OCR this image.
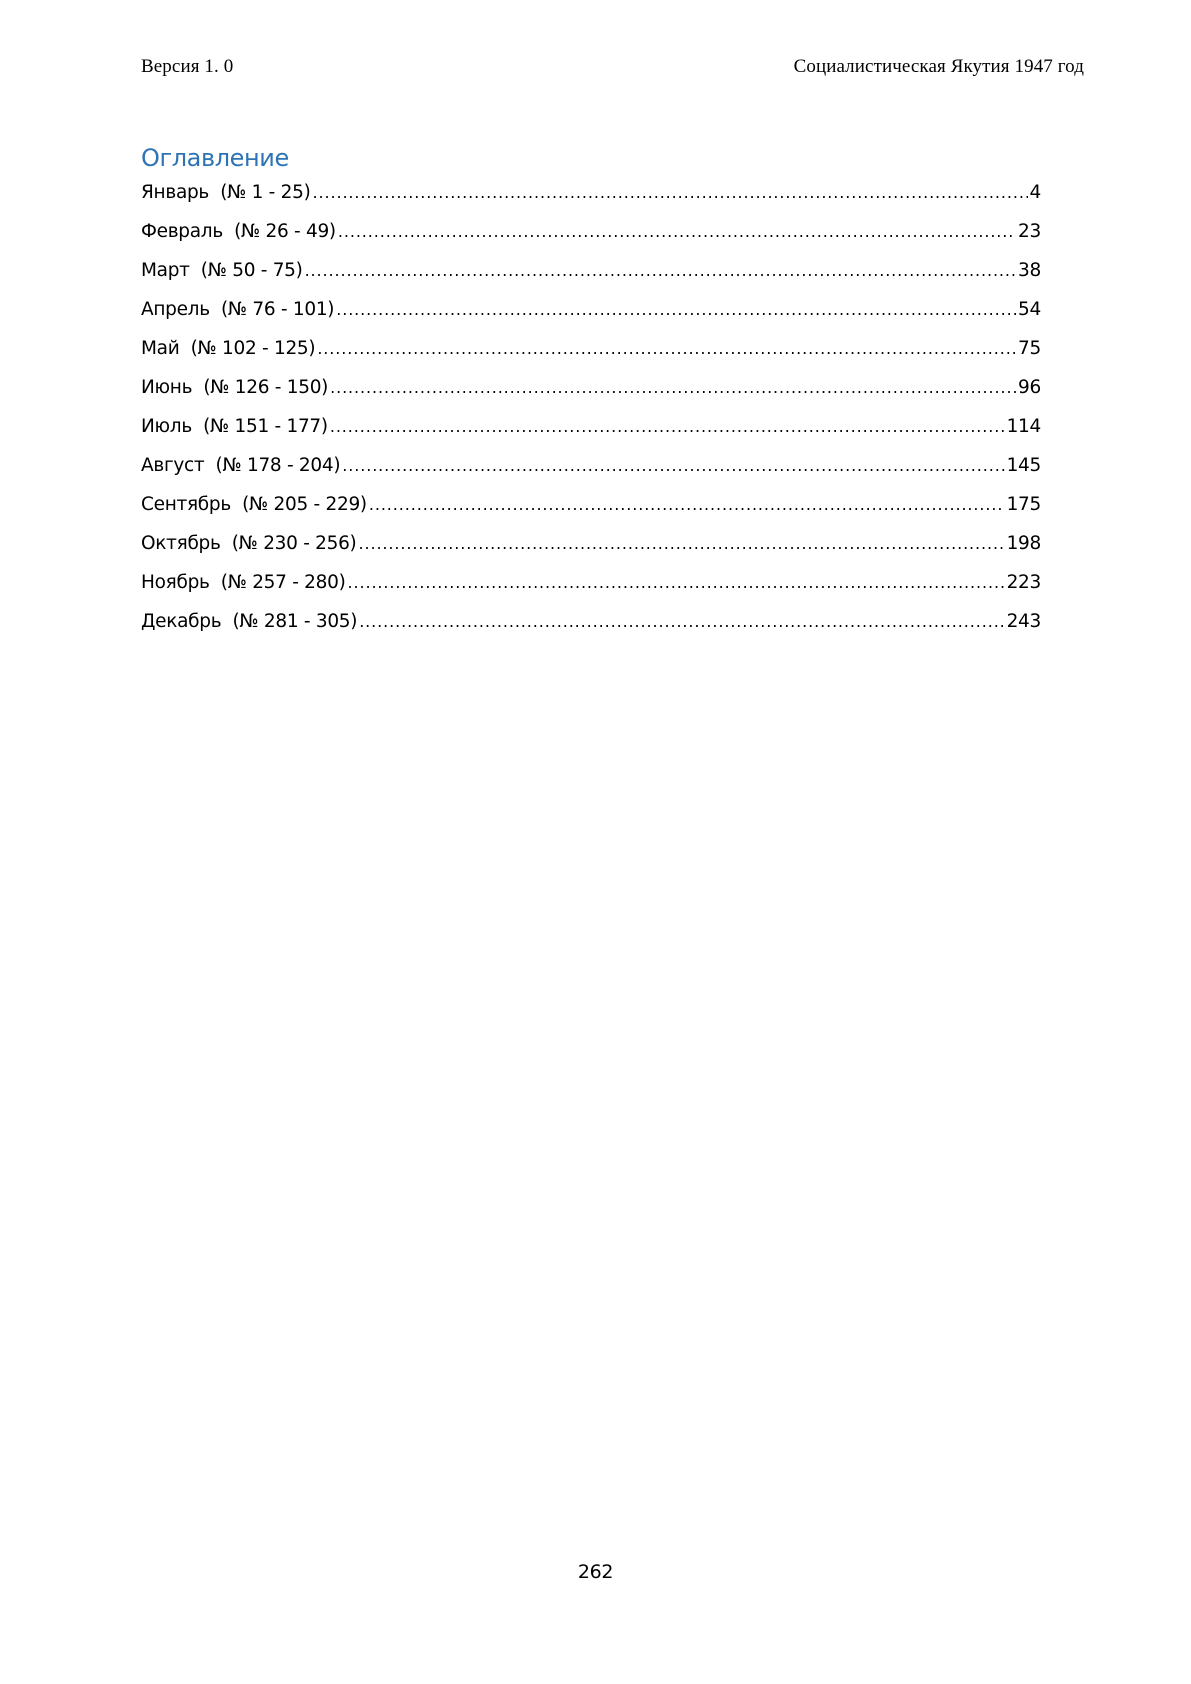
Версия 1. 0	Социалистическая Якутия 1947 год
Оглавление
Январь  (№ 1 - 25) .....	4
Февраль  (№ 26 - 49) .....	23
Март  (№ 50 - 75) .....	38
Апрель  (№ 76 - 101) .....	54
Май  (№ 102 - 125) .....	75
Июнь  (№ 126 - 150) .....	96
Июль  (№ 151 - 177) .....	114
Август  (№ 178 - 204) .....	145
Сентябрь  (№ 205 - 229) .....	175
Октябрь  (№ 230 - 256) .....	198
Ноябрь  (№ 257 - 280) .....	223
Декабрь  (№ 281 - 305) .....	243
262
